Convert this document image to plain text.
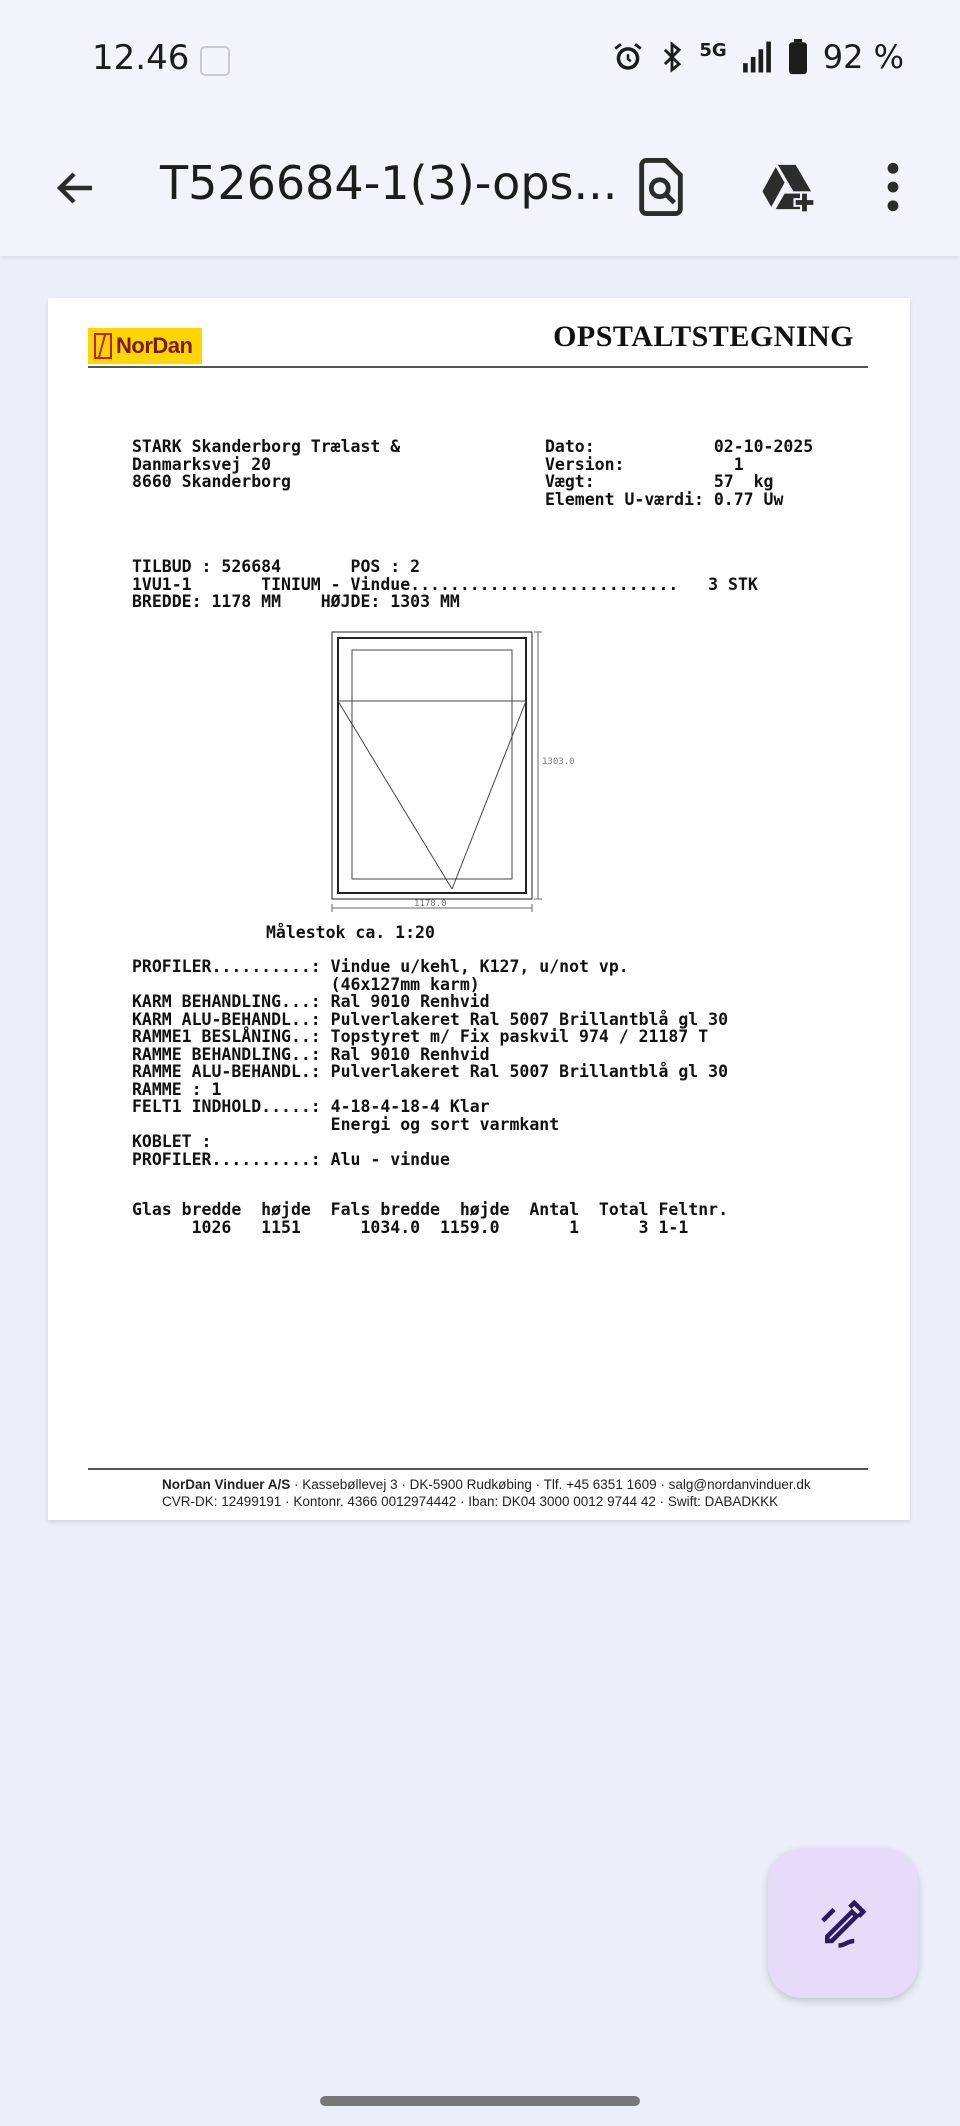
12.46	5G	92 %
T526684-1(3)-ops...
NorDan	OPSTALTSTEGNING
STARK Skanderborg Trælast &
Danmarksvej 20
8660 Skanderborg
Dato:            02-10-2025
Version:           1
Vægt:            57  kg
Element U-værdi: 0.77 Uw
TILBUD : 526684       POS : 2
1VU1-1       TINIUM - Vindue...........................   3 STK
BREDDE: 1178 MM    HØJDE: 1303 MM
1303.0
1178.0
Målestok ca. 1:20
PROFILER..........: Vindue u/kehl, K127, u/not vp.
(46x127mm karm)
KARM BEHANDLING...: Ral 9010 Renhvid
KARM ALU-BEHANDL..: Pulverlakeret Ral 5007 Brillantblå gl 30
RAMME1 BESLÅNING..: Topstyret m/ Fix paskvil 974 / 21187 T
RAMME BEHANDLING..: Ral 9010 Renhvid
RAMME ALU-BEHANDL.: Pulverlakeret Ral 5007 Brillantblå gl 30
RAMME : 1
FELT1 INDHOLD.....: 4-18-4-18-4 Klar
Energi og sort varmkant
KOBLET :
PROFILER..........: Alu - vindue
Glas bredde  højde  Fals bredde  højde  Antal  Total Feltnr.
1026   1151      1034.0  1159.0       1      3 1-1
NorDan Vinduer A/S · Kassebøllevej 3 · DK-5900 Rudkøbing · Tlf. +45 6351 1609 · salg@nordanvinduer.dk
CVR-DK: 12499191 · Kontonr. 4366 0012974442 · Iban: DK04 3000 0012 9744 42 · Swift: DABADKKK
